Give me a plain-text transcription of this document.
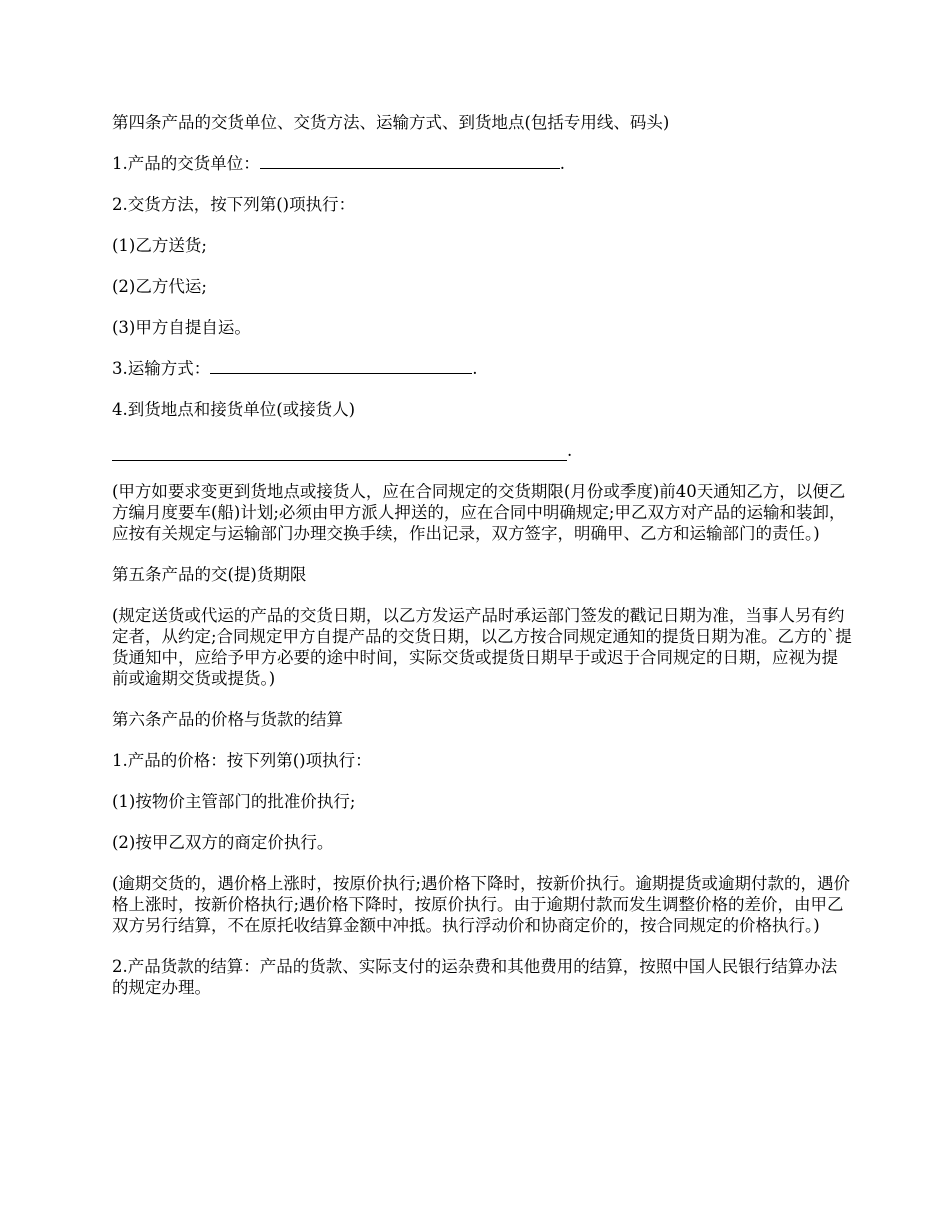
第四条产品的交货单位、交货方法、运输方式、到货地点(包括专用线、码头)

1.产品的交货单位：	.

2.交货方法，按下列第()项执行：

(1)乙方送货;

(2)乙方代运;

(3)甲方自提自运。

3.运输方式：	.

4.到货地点和接货单位(或接货人)

.

(甲方如要求变更到货地点或接货人，应在合同规定的交货期限(月份或季度)前40天通知乙方，以便乙方编月度要车(船)计划;必须由甲方派人押送的，应在合同中明确规定;甲乙双方对产品的运输和装卸，应按有关规定与运输部门办理交换手续，作出记录，双方签字，明确甲、乙方和运输部门的责任。)

第五条产品的交(提)货期限

(规定送货或代运的产品的交货日期，以乙方发运产品时承运部门签发的戳记日期为准，当事人另有约定者，从约定;合同规定甲方自提产品的交货日期，以乙方按合同规定通知的提货日期为准。乙方的`提货通知中，应给予甲方必要的途中时间，实际交货或提货日期早于或迟于合同规定的日期，应视为提前或逾期交货或提货。)

第六条产品的价格与货款的结算

1.产品的价格：按下列第()项执行：

(1)按物价主管部门的批准价执行;

(2)按甲乙双方的商定价执行。

(逾期交货的，遇价格上涨时，按原价执行;遇价格下降时，按新价执行。逾期提货或逾期付款的，遇价格上涨时，按新价格执行;遇价格下降时，按原价执行。由于逾期付款而发生调整价格的差价，由甲乙双方另行结算，不在原托收结算金额中冲抵。执行浮动价和协商定价的，按合同规定的价格执行。)

2.产品货款的结算：产品的货款、实际支付的运杂费和其他费用的结算，按照中国人民银行结算办法的规定办理。
